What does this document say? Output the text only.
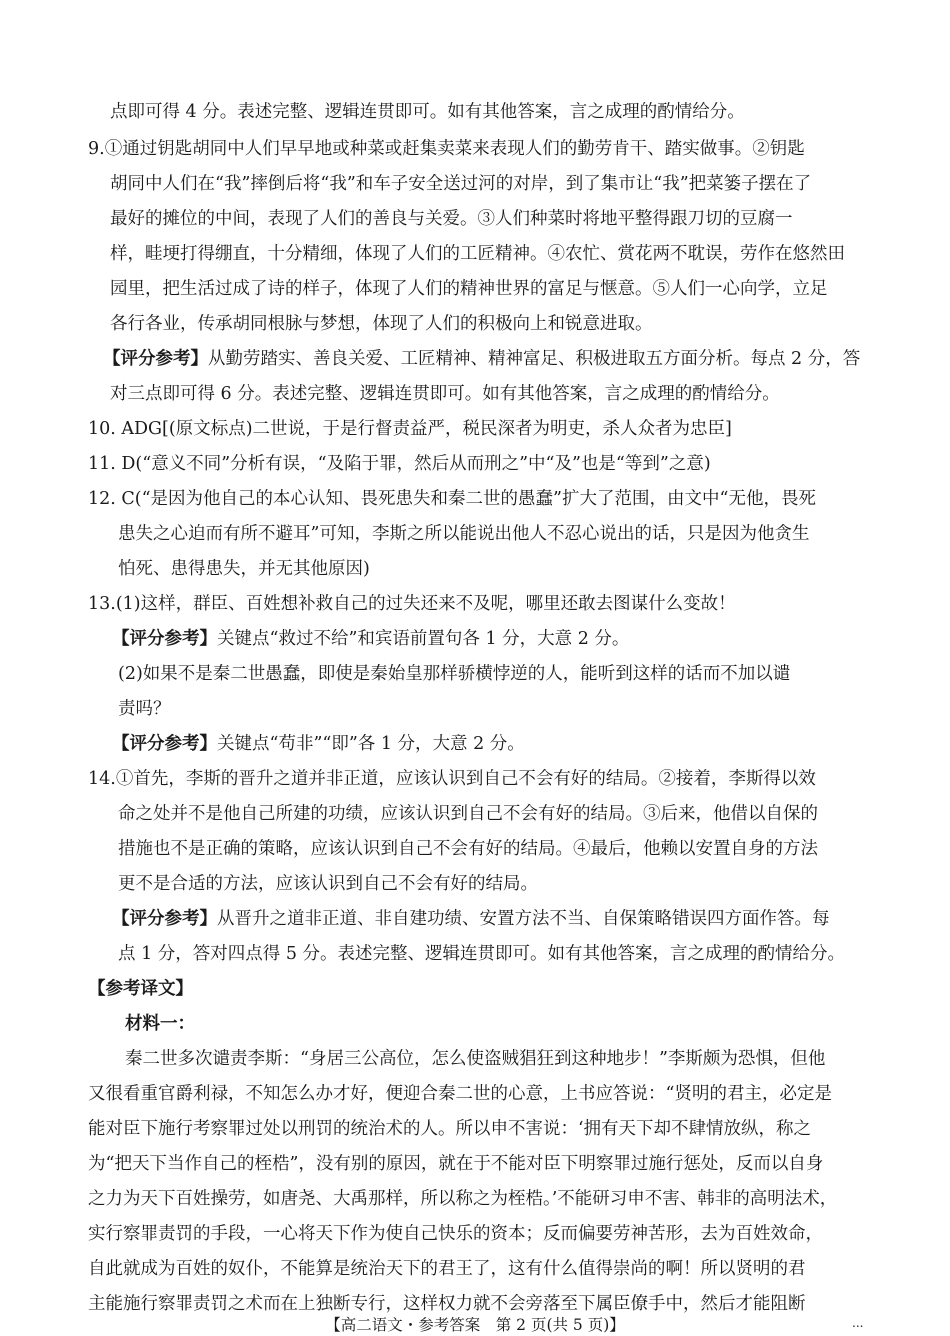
点即可得 4 分。表述完整、逻辑连贯即可。如有其他答案，言之成理的酌情给分。
9.①通过钥匙胡同中人们早早地或种菜或赶集卖菜来表现人们的勤劳肯干、踏实做事。②钥匙
胡同中人们在“我”摔倒后将“我”和车子安全送过河的对岸，到了集市让“我”把菜篓子摆在了
最好的摊位的中间，表现了人们的善良与关爱。③人们种菜时将地平整得跟刀切的豆腐一
样，畦埂打得绷直，十分精细，体现了人们的工匠精神。④农忙、赏花两不耽误，劳作在悠然田
园里，把生活过成了诗的样子，体现了人们的精神世界的富足与惬意。⑤人们一心向学，立足
各行各业，传承胡同根脉与梦想，体现了人们的积极向上和锐意进取。
【评分参考】从勤劳踏实、善良关爱、工匠精神、精神富足、积极进取五方面分析。每点 2 分，答
对三点即可得 6 分。表述完整、逻辑连贯即可。如有其他答案，言之成理的酌情给分。
10. ADG[(原文标点)二世说，于是行督责益严，税民深者为明吏，杀人众者为忠臣]
11. D(“意义不同”分析有误，“及陷于罪，然后从而刑之”中“及”也是“等到”之意)
12. C(“是因为他自己的本心认知、畏死患失和秦二世的愚蠢”扩大了范围，由文中“无他，畏死
患失之心迫而有所不避耳”可知，李斯之所以能说出他人不忍心说出的话，只是因为他贪生
怕死、患得患失，并无其他原因)
13.(1)这样，群臣、百姓想补救自己的过失还来不及呢，哪里还敢去图谋什么变故！
【评分参考】关键点“救过不给”和宾语前置句各 1 分，大意 2 分。
(2)如果不是秦二世愚蠢，即使是秦始皇那样骄横悖逆的人，能听到这样的话而不加以谴
责吗？
【评分参考】关键点“苟非”“即”各 1 分，大意 2 分。
14.①首先，李斯的晋升之道并非正道，应该认识到自己不会有好的结局。②接着，李斯得以效
命之处并不是他自己所建的功绩，应该认识到自己不会有好的结局。③后来，他借以自保的
措施也不是正确的策略，应该认识到自己不会有好的结局。④最后，他赖以安置自身的方法
更不是合适的方法，应该认识到自己不会有好的结局。
【评分参考】从晋升之道非正道、非自建功绩、安置方法不当、自保策略错误四方面作答。每
点 1 分，答对四点得 5 分。表述完整、逻辑连贯即可。如有其他答案，言之成理的酌情给分。
【参考译文】
材料一：
秦二世多次谴责李斯：“身居三公高位，怎么使盗贼猖狂到这种地步！”李斯颇为恐惧，但他
又很看重官爵利禄，不知怎么办才好，便迎合秦二世的心意，上书应答说：“贤明的君主，必定是
能对臣下施行考察罪过处以刑罚的统治术的人。所以申不害说：‘拥有天下却不肆情放纵，称之
为“把天下当作自己的桎梏”，没有别的原因，就在于不能对臣下明察罪过施行惩处，反而以自身
之力为天下百姓操劳，如唐尧、大禹那样，所以称之为桎梏。’不能研习申不害、韩非的高明法术，
实行察罪责罚的手段，一心将天下作为使自己快乐的资本；反而偏要劳神苦形，去为百姓效命，
自此就成为百姓的奴仆，不能算是统治天下的君王了，这有什么值得崇尚的啊！所以贤明的君
主能施行察罪责罚之术而在上独断专行，这样权力就不会旁落至下属臣僚手中，然后才能阻断
【高二语文・参考答案　第 2 页(共 5 页)】	...
